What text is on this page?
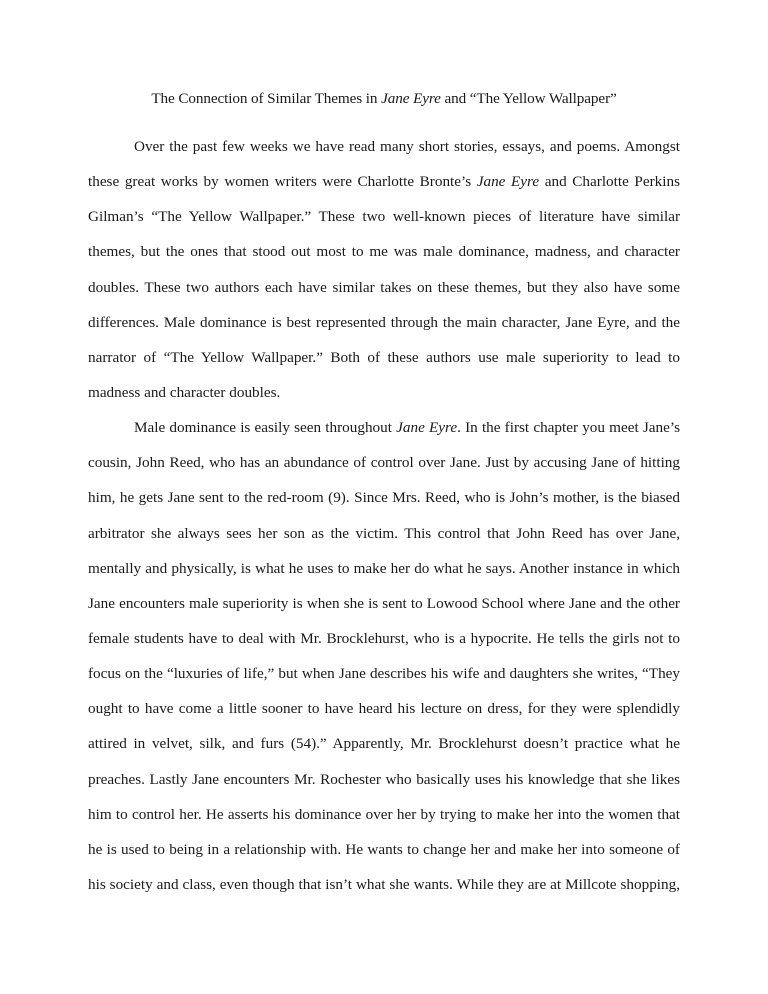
The Connection of Similar Themes in Jane Eyre and “The Yellow Wallpaper”
Over the past few weeks we have read many short stories, essays, and poems. Amongst
these great works by women writers were Charlotte Bronte’s Jane Eyre and Charlotte Perkins
Gilman’s “The Yellow Wallpaper.” These two well-known pieces of literature have similar
themes, but the ones that stood out most to me was male dominance, madness, and character
doubles. These two authors each have similar takes on these themes, but they also have some
differences. Male dominance is best represented through the main character, Jane Eyre, and the
narrator of “The Yellow Wallpaper.” Both of these authors use male superiority to lead to
madness and character doubles.
Male dominance is easily seen throughout Jane Eyre. In the first chapter you meet Jane’s
cousin, John Reed, who has an abundance of control over Jane. Just by accusing Jane of hitting
him, he gets Jane sent to the red-room (9). Since Mrs. Reed, who is John’s mother, is the biased
arbitrator she always sees her son as the victim. This control that John Reed has over Jane,
mentally and physically, is what he uses to make her do what he says. Another instance in which
Jane encounters male superiority is when she is sent to Lowood School where Jane and the other
female students have to deal with Mr. Brocklehurst, who is a hypocrite. He tells the girls not to
focus on the “luxuries of life,” but when Jane describes his wife and daughters she writes, “They
ought to have come a little sooner to have heard his lecture on dress, for they were splendidly
attired in velvet, silk, and furs (54).” Apparently, Mr. Brocklehurst doesn’t practice what he
preaches. Lastly Jane encounters Mr. Rochester who basically uses his knowledge that she likes
him to control her. He asserts his dominance over her by trying to make her into the women that
he is used to being in a relationship with. He wants to change her and make her into someone of
his society and class, even though that isn’t what she wants. While they are at Millcote shopping,
